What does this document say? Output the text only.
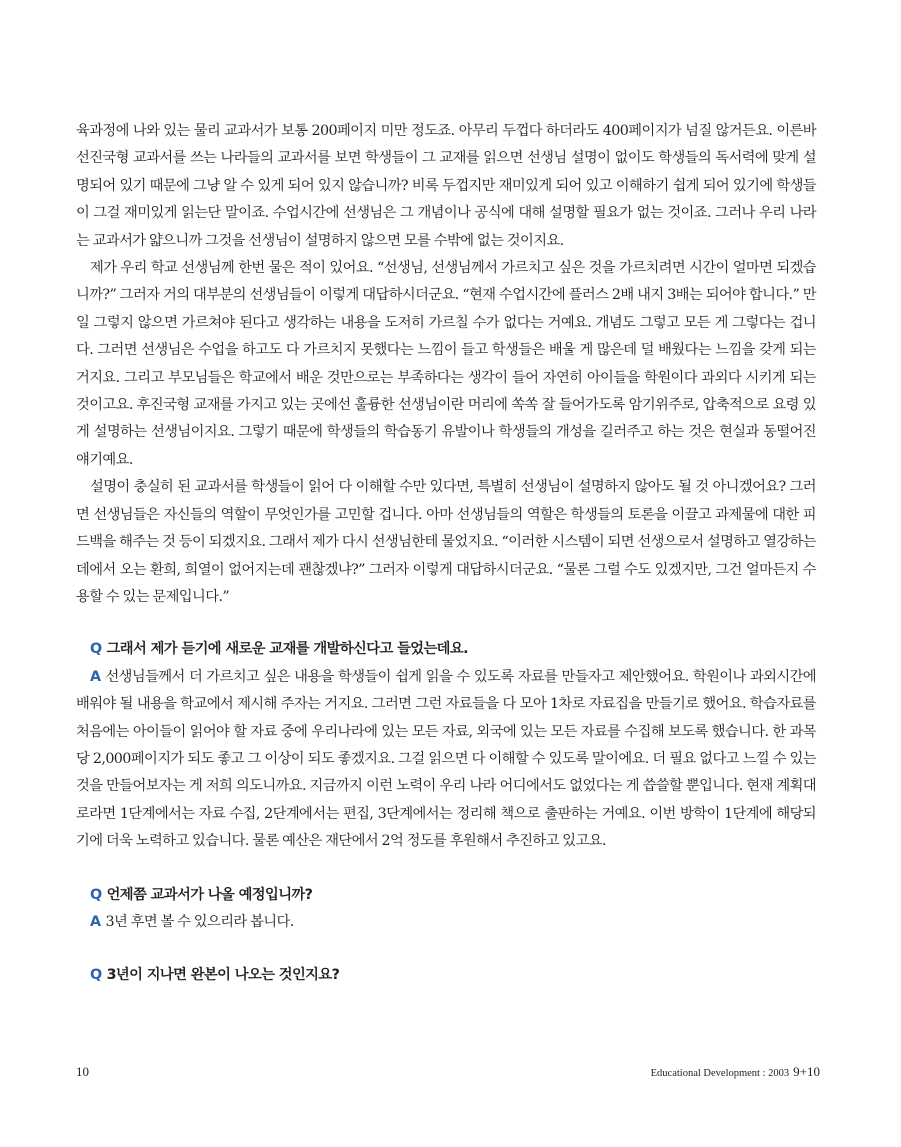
육과정에 나와 있는 물리 교과서가 보통 200페이지 미만 정도죠. 아무리 두껍다 하더라도 400페이지가 넘질 않거든요. 이른바 선진국형 교과서를 쓰는 나라들의 교과서를 보면 학생들이 그 교재를 읽으면 선생님 설명이 없이도 학생들의 독서력에 맞게 설명되어 있기 때문에 그냥 알 수 있게 되어 있지 않습니까? 비록 두껍지만 재미있게 되어 있고 이해하기 쉽게 되어 있기에 학생들이 그걸 재미있게 읽는단 말이죠. 수업시간에 선생님은 그 개념이나 공식에 대해 설명할 필요가 없는 것이죠. 그러나 우리 나라는 교과서가 얇으니까 그것을 선생님이 설명하지 않으면 모를 수밖에 없는 것이지요.

제가 우리 학교 선생님께 한번 물은 적이 있어요. “선생님, 선생님께서 가르치고 싶은 것을 가르치려면 시간이 얼마면 되겠습니까?” 그러자 거의 대부분의 선생님들이 이렇게 대답하시더군요. “현재 수업시간에 플러스 2배 내지 3배는 되어야 합니다.” 만일 그렇지 않으면 가르쳐야 된다고 생각하는 내용을 도저히 가르칠 수가 없다는 거예요. 개념도 그렇고 모든 게 그렇다는 겁니다. 그러면 선생님은 수업을 하고도 다 가르치지 못했다는 느낌이 들고 학생들은 배울 게 많은데 덜 배웠다는 느낌을 갖게 되는 거지요. 그리고 부모님들은 학교에서 배운 것만으로는 부족하다는 생각이 들어 자연히 아이들을 학원이다 과외다 시키게 되는 것이고요. 후진국형 교재를 가지고 있는 곳에선 훌륭한 선생님이란 머리에 쏙쏙 잘 들어가도록 암기위주로, 압축적으로 요령 있게 설명하는 선생님이지요. 그렇기 때문에 학생들의 학습동기 유발이나 학생들의 개성을 길러주고 하는 것은 현실과 동떨어진 얘기예요.

설명이 충실히 된 교과서를 학생들이 읽어 다 이해할 수만 있다면, 특별히 선생님이 설명하지 않아도 될 것 아니겠어요? 그러면 선생님들은 자신들의 역할이 무엇인가를 고민할 겁니다. 아마 선생님들의 역할은 학생들의 토론을 이끌고 과제물에 대한 피드백을 해주는 것 등이 되겠지요. 그래서 제가 다시 선생님한테 물었지요. “이러한 시스템이 되면 선생으로서 설명하고 열강하는 데에서 오는 환희, 희열이 없어지는데 괜찮겠냐?” 그러자 이렇게 대답하시더군요. “물론 그럴 수도 있겠지만, 그건 얼마든지 수용할 수 있는 문제입니다.”

Q 그래서 제가 듣기에 새로운 교재를 개발하신다고 들었는데요.
A 선생님들께서 더 가르치고 싶은 내용을 학생들이 쉽게 읽을 수 있도록 자료를 만들자고 제안했어요. 학원이나 과외시간에 배워야 될 내용을 학교에서 제시해 주자는 거지요. 그러면 그런 자료들을 다 모아 1차로 자료집을 만들기로 했어요. 학습자료를 처음에는 아이들이 읽어야 할 자료 중에 우리나라에 있는 모든 자료, 외국에 있는 모든 자료를 수집해 보도록 했습니다. 한 과목당 2,000페이지가 되도 좋고 그 이상이 되도 좋겠지요. 그걸 읽으면 다 이해할 수 있도록 말이에요. 더 필요 없다고 느낄 수 있는 것을 만들어보자는 게 저희 의도니까요. 지금까지 이런 노력이 우리 나라 어디에서도 없었다는 게 씁쓸할 뿐입니다. 현재 계획대로라면 1단계에서는 자료 수집, 2단계에서는 편집, 3단계에서는 정리해 책으로 출판하는 거예요. 이번 방학이 1단계에 해당되기에 더욱 노력하고 있습니다. 물론 예산은 재단에서 2억 정도를 후원해서 추진하고 있고요.
Q 언제쯤 교과서가 나올 예정입니까?
A 3년 후면 볼 수 있으리라 봅니다.
Q 3년이 지나면 완본이 나오는 것인지요?
10	Educational Development : 2003 9+10
